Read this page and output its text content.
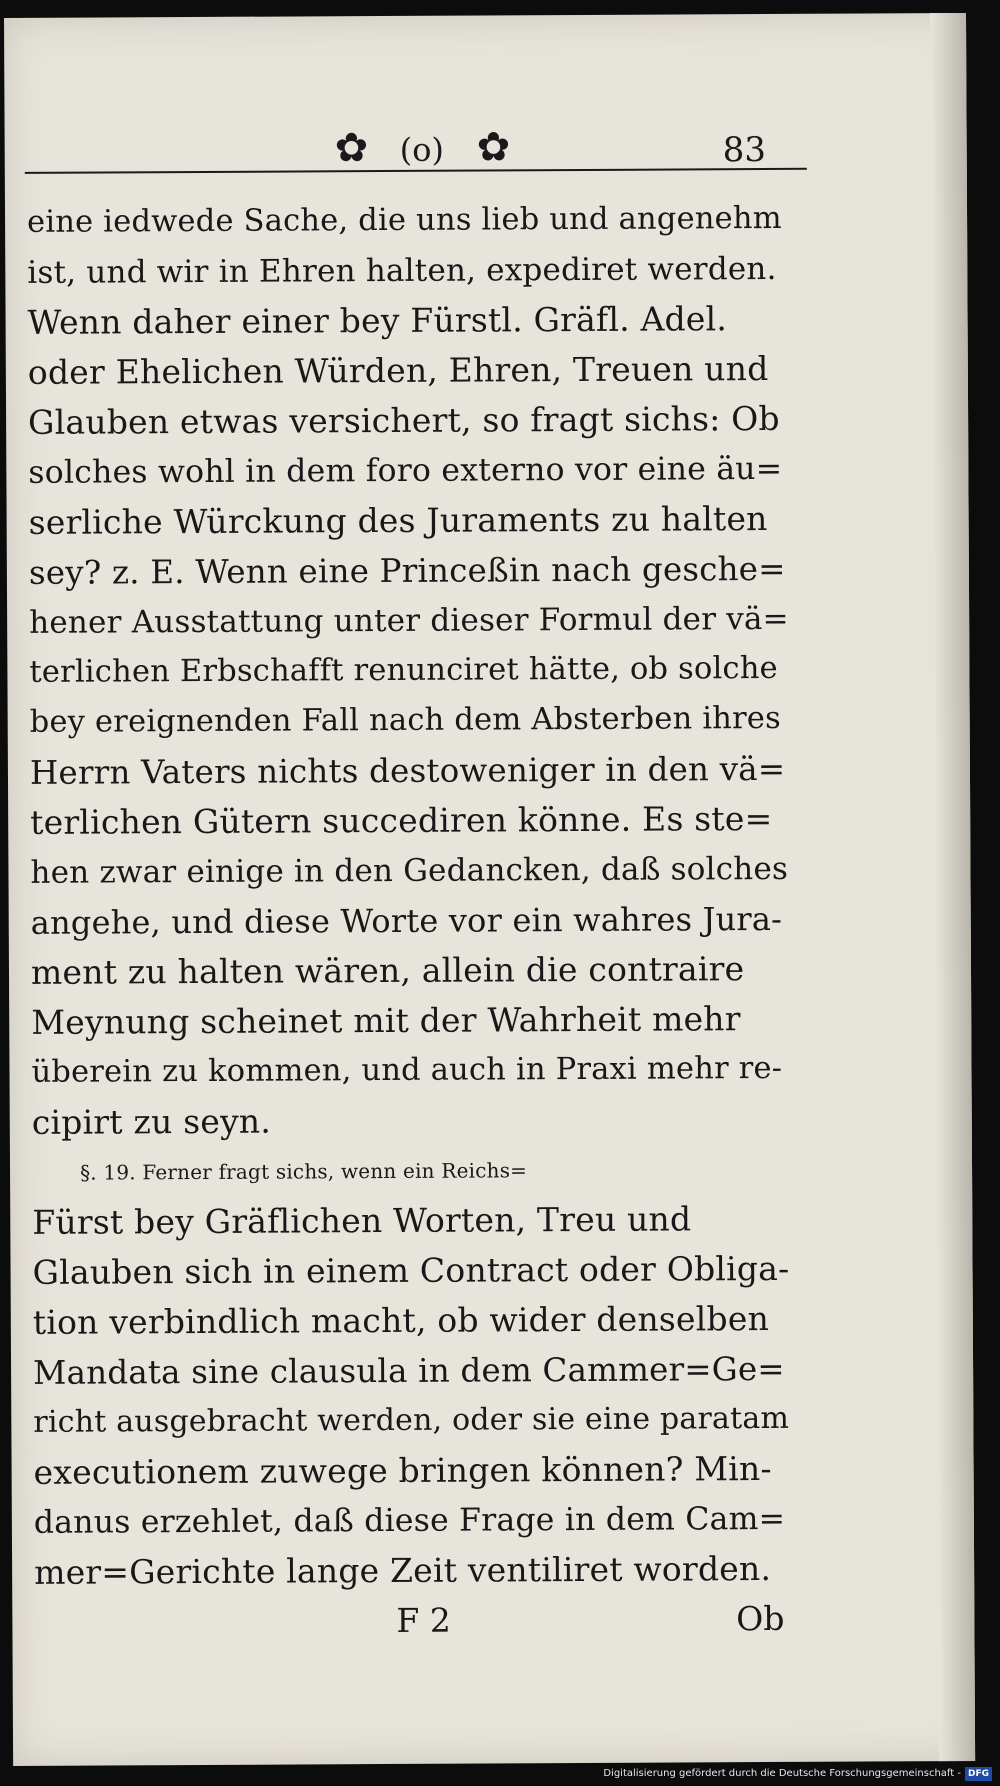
✿ (o) ✿	83
eine iedwede Sache, die uns lieb und angenehm
ist, und wir in Ehren halten, expediret werden.
Wenn daher einer bey Fürstl. Gräfl. Adel.
oder Ehelichen Würden, Ehren, Treuen und
Glauben etwas versichert, so fragt sichs: Ob
solches wohl in dem foro externo vor eine äu=
serliche Würckung des Juraments zu halten
sey? z. E. Wenn eine Princeßin nach gesche=
hener Ausstattung unter dieser Formul der vä=
terlichen Erbschafft renunciret hätte, ob solche
bey ereignenden Fall nach dem Absterben ihres
Herrn Vaters nichts destoweniger in den vä=
terlichen Gütern succediren könne. Es ste=
hen zwar einige in den Gedancken, daß solches
angehe, und diese Worte vor ein wahres Jura-
ment zu halten wären, allein die contraire
Meynung scheinet mit der Wahrheit mehr
überein zu kommen, und auch in Praxi mehr re-
cipirt zu seyn.
§. 19. Ferner fragt sichs, wenn ein Reichs=
Fürst bey Gräflichen Worten, Treu und
Glauben sich in einem Contract oder Obliga-
tion verbindlich macht, ob wider denselben
Mandata sine clausula in dem Cammer=Ge=
richt ausgebracht werden, oder sie eine paratam
executionem zuwege bringen können? Min-
danus erzehlet, daß diese Frage in dem Cam=
mer=Gerichte lange Zeit ventiliret worden.
F 2	Ob
Digitalisierung gefördert durch die Deutsche Forschungsgemeinschaft - DFG
